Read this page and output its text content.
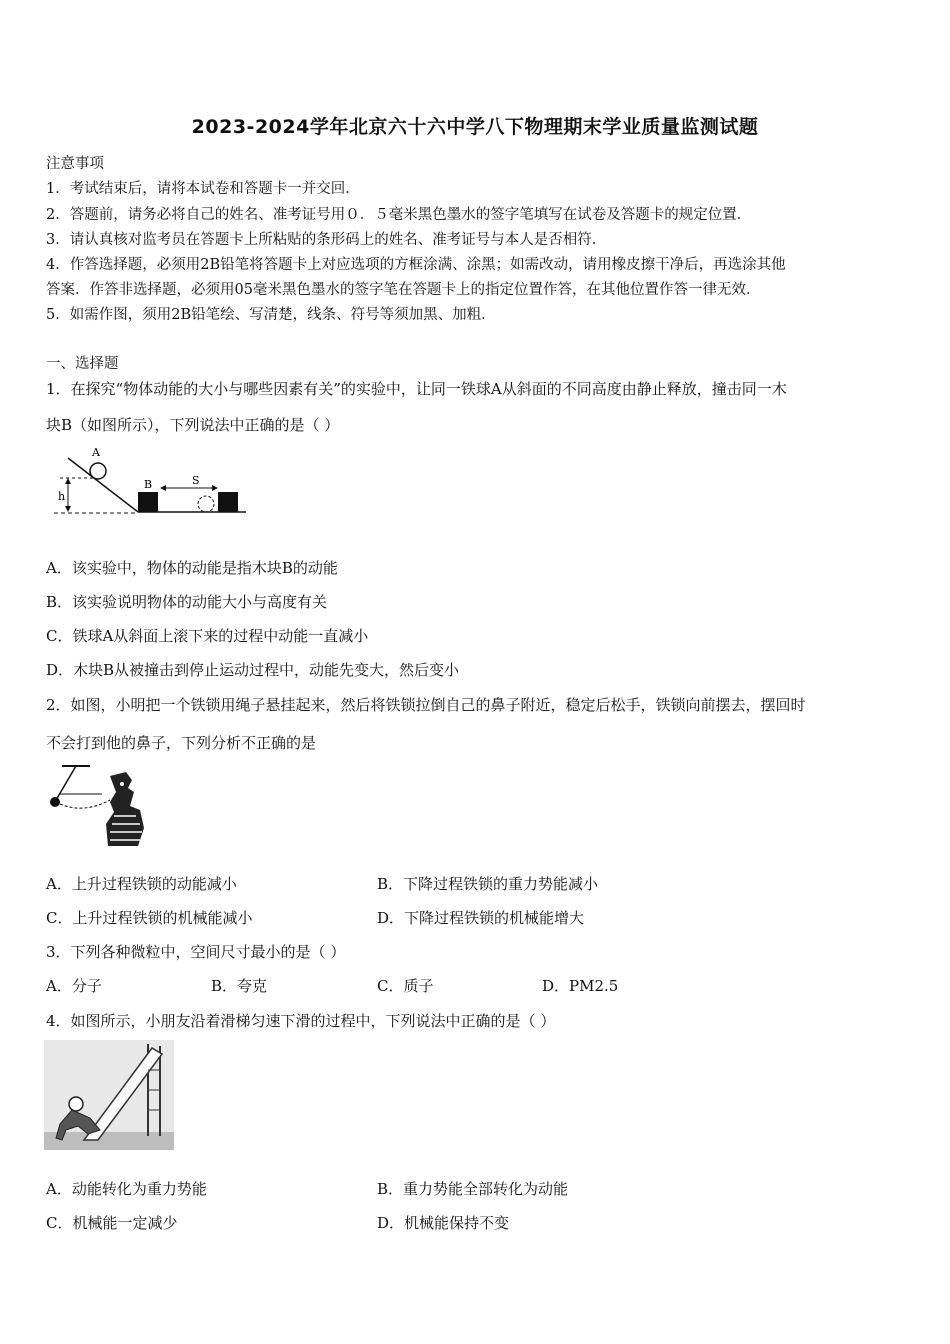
2023-2024学年北京六十六中学八下物理期末学业质量监测试题
注意事项
1．考试结束后，请将本试卷和答题卡一并交回．
2．答题前，请务必将自己的姓名、准考证号用０．５毫米黑色墨水的签字笔填写在试卷及答题卡的规定位置．
3．请认真核对监考员在答题卡上所粘贴的条形码上的姓名、准考证号与本人是否相符．
4．作答选择题，必须用2B铅笔将答题卡上对应选项的方框涂满、涂黑；如需改动，请用橡皮擦干净后，再选涂其他
答案．作答非选择题，必须用05毫米黑色墨水的签字笔在答题卡上的指定位置作答，在其他位置作答一律无效．
5．如需作图，须用2B铅笔绘、写清楚，线条、符号等须加黑、加粗．
一、选择题
1．在探究“物体动能的大小与哪些因素有关”的实验中，让同一铁球A从斜面的不同高度由静止释放，撞击同一木
块B（如图所示），下列说法中正确的是（ ）
h
A
B	S
A．该实验中，物体的动能是指木块B的动能
B．该实验说明物体的动能大小与高度有关
C．铁球A从斜面上滚下来的过程中动能一直减小
D．木块B从被撞击到停止运动过程中，动能先变大，然后变小
2．如图，小明把一个铁锁用绳子悬挂起来，然后将铁锁拉倒自己的鼻子附近，稳定后松手，铁锁向前摆去，摆回时
不会打到他的鼻子，下列分析不正确的是
A．上升过程铁锁的动能减小	B．下降过程铁锁的重力势能减小
C．上升过程铁锁的机械能减小	D．下降过程铁锁的机械能增大
3．下列各种微粒中，空间尺寸最小的是（ ）
A．分子	B．夸克	C．质子	D．PM2.5
4．如图所示，小朋友沿着滑梯匀速下滑的过程中，下列说法中正确的是（ ）
A．动能转化为重力势能	B．重力势能全部转化为动能
C．机械能一定减少	D．机械能保持不变
